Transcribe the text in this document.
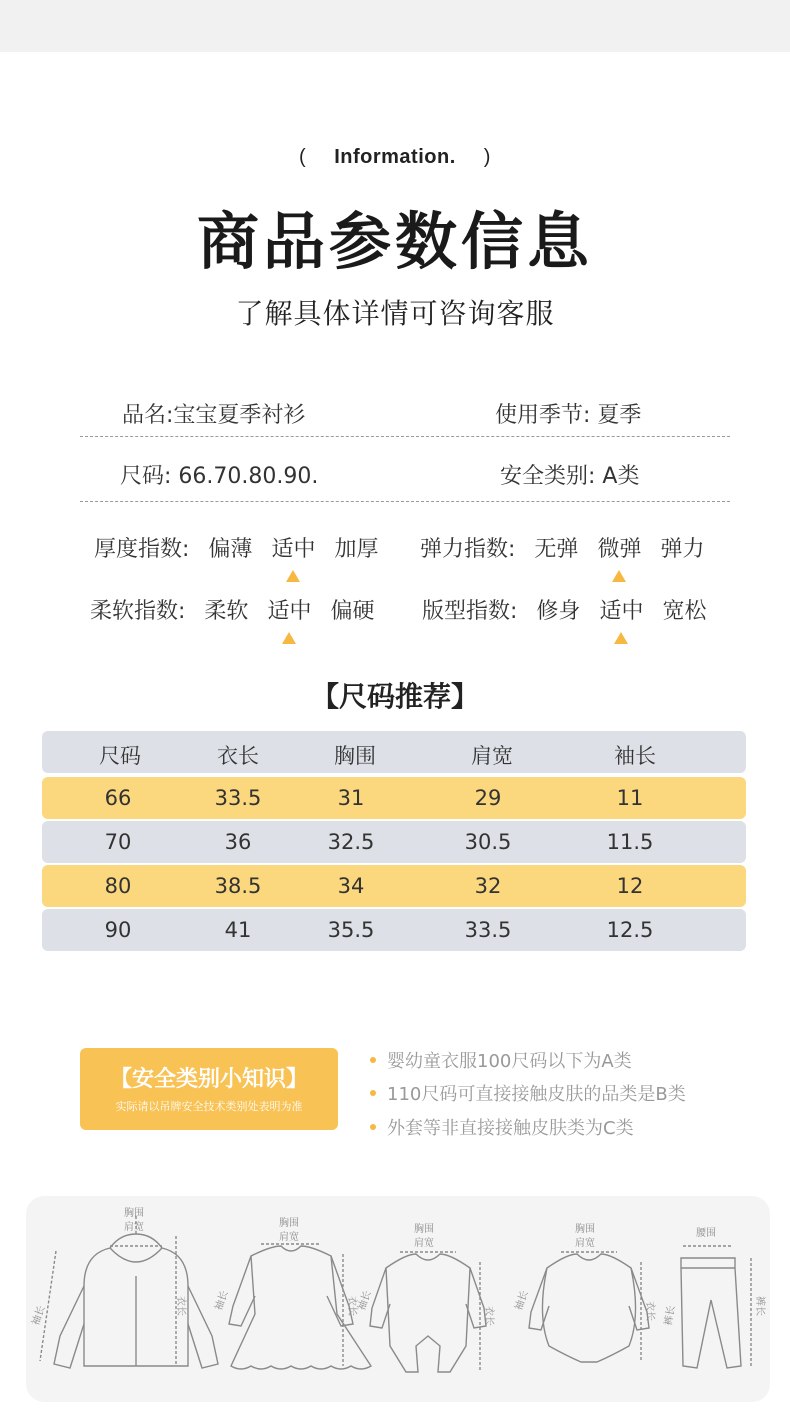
( Information. )
商品参数信息
了解具体详情可咨询客服
品名:宝宝夏季衬衫	使用季节: 夏季
尺码: 66.70.80.90.	安全类别: A类
厚度指数: 偏薄 适中 加厚 弹力指数: 无弹 微弹 弹力
柔软指数: 柔软 适中 偏硬 版型指数: 修身 适中 宽松
【尺码推荐】
尺码	衣长	胸围	肩宽	袖长
66	33.5	31	29	11
70	36	32.5	30.5	11.5
80	38.5	34	32	12
90	41	35.5	33.5	12.5
【安全类别小知识】
实际请以吊牌安全技术类别处表明为准
婴幼童衣服100尺码以下为A类
110尺码可直接接触皮肤的品类是B类
外套等非直接接触皮肤类为C类
胸围
肩宽
袖长	衣长
胸围
肩宽
袖长	衣长
胸围
肩宽
袖长
衣长
胸围
肩宽
袖长	衣长
腰围
裤长	裤长
